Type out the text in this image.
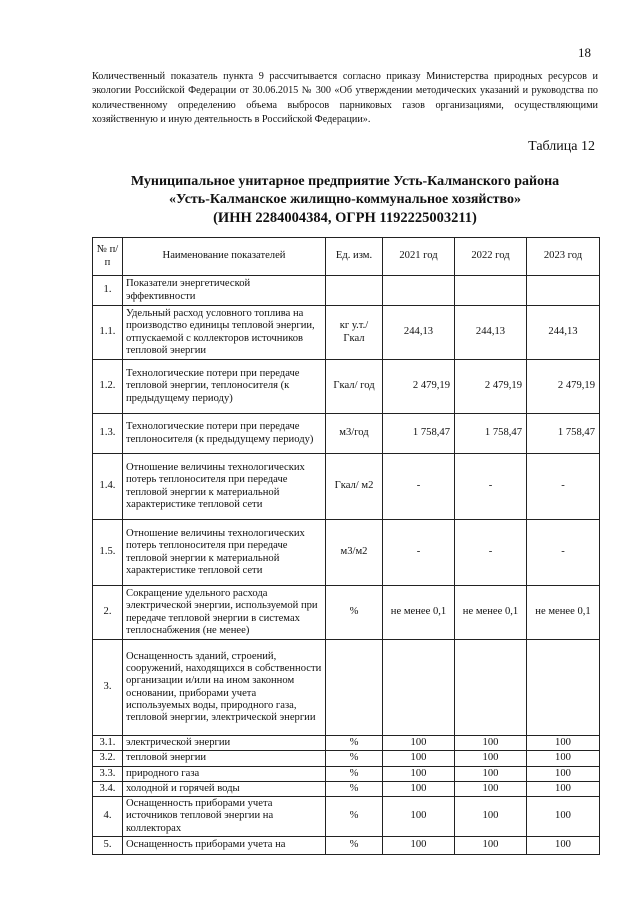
18
Количественный показатель пункта 9 рассчитывается согласно приказу Министерства природных ресурсов и экологии Российской Федерации от 30.06.2015 № 300 «Об утверждении методических указаний и руководства по количественному определению объема выбросов парниковых газов организациями, осуществляющими хозяйственную и иную деятельность в Российской Федерации».
Таблица 12
Муниципальное унитарное предприятие Усть-Калманского района
«Усть-Калманское жилищно-коммунальное хозяйство»
(ИНН 2284004384, ОГРН 1192225003211)
№ п/п	Наименование показателей	Ед. изм.	2021 год	2022 год	2023 год
1.	Показатели энергетической эффективности				
1.1.	Удельный расход условного топлива на производство единицы тепловой энергии, отпускаемой с коллекторов источников тепловой энергии	кг у.т./ Гкал	244,13	244,13	244,13
1.2.	Технологические потери при передаче тепловой энергии, теплоносителя (к предыдущему периоду)	Гкал/ год	2 479,19	2 479,19	2 479,19
1.3.	Технологические потери при передаче теплоносителя (к предыдущему периоду)	м3/год	1 758,47	1 758,47	1 758,47
1.4.	Отношение величины технологических потерь теплоносителя при передаче тепловой энергии к материальной характеристике тепловой сети	Гкал/ м2	-	-	-
1.5.	Отношение величины технологических потерь теплоносителя при передаче тепловой энергии к материальной характеристике тепловой сети	м3/м2	-	-	-
2.	Сокращение удельного расхода электрической энергии, используемой при передаче тепловой энергии в системах теплоснабжения (не менее)	%	не менее 0,1	не менее 0,1	не менее 0,1
3.	Оснащенность зданий, строений, сооружений, находящихся в собственности организации и/или на ином законном основании, приборами учета используемых воды, природного газа, тепловой энергии, электрической энергии				
3.1.	электрической энергии	%	100	100	100
3.2.	тепловой энергии	%	100	100	100
3.3.	природного газа	%	100	100	100
3.4.	холодной и горячей воды	%	100	100	100
4.	Оснащенность приборами учета источников тепловой энергии на коллекторах	%	100	100	100
5.	Оснащенность приборами учета на	%	100	100	100
